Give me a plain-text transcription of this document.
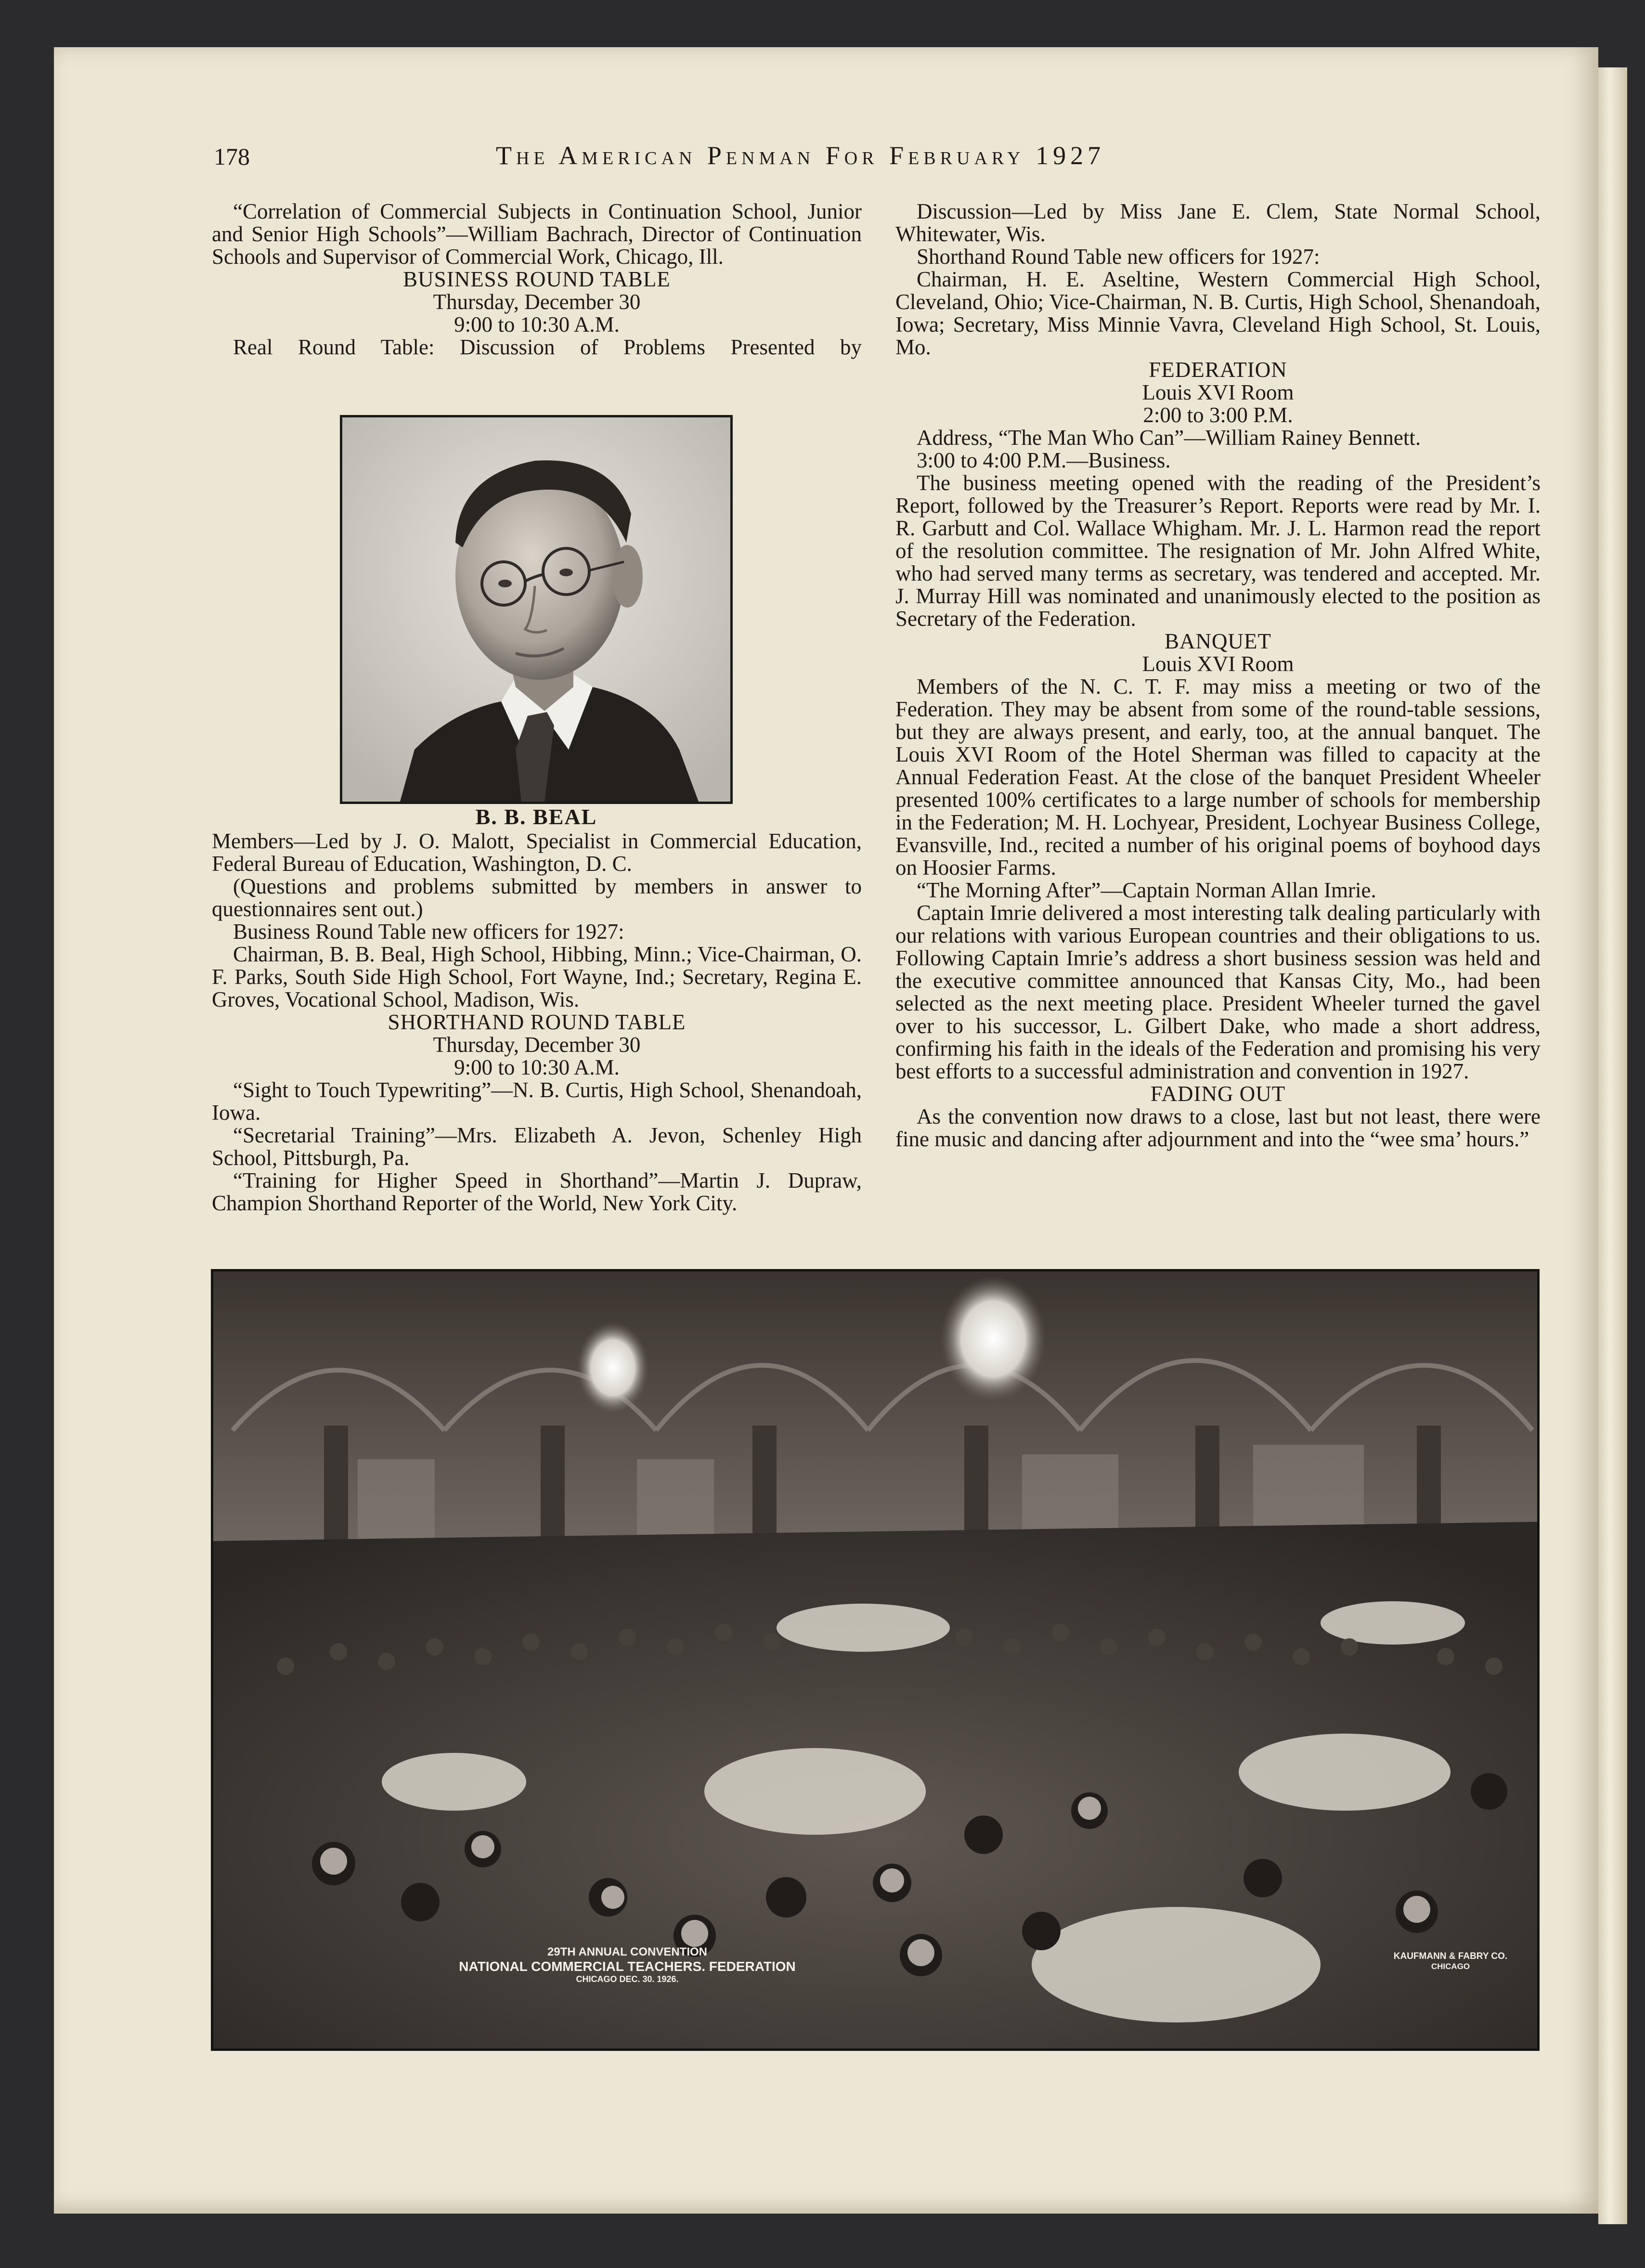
178	The American Penman For February 1927

“Correlation of Commercial Subjects in Continuation School, Junior and Senior High Schools”—William Bachrach, Director of Continuation Schools and Supervisor of Commercial Work, Chicago, Ill.

BUSINESS ROUND TABLE

Thursday, December 30

9:00 to 10:30 A.M.

Real Round Table: Discussion of Problems Presented by

B. B. BEAL

Members—Led by J. O. Malott, Specialist in Commercial Education, Federal Bureau of Education, Washington, D. C.

(Questions and problems submitted by members in answer to questionnaires sent out.)

Business Round Table new officers for 1927:

Chairman, B. B. Beal, High School, Hibbing, Minn.; Vice-Chairman, O. F. Parks, South Side High School, Fort Wayne, Ind.; Secretary, Regina E. Groves, Vocational School, Madison, Wis.

SHORTHAND ROUND TABLE

Thursday, December 30

9:00 to 10:30 A.M.

“Sight to Touch Typewriting”—N. B. Curtis, High School, Shenandoah, Iowa.

“Secretarial Training”—Mrs. Elizabeth A. Jevon, Schenley High School, Pittsburgh, Pa.

“Training for Higher Speed in Shorthand”—Martin J. Dupraw, Champion Shorthand Reporter of the World, New York City.

Discussion—Led by Miss Jane E. Clem, State Normal School, Whitewater, Wis.

Shorthand Round Table new officers for 1927:

Chairman, H. E. Aseltine, Western Commercial High School, Cleveland, Ohio; Vice-Chairman, N. B. Curtis, High School, Shenandoah, Iowa; Secretary, Miss Minnie Vavra, Cleveland High School, St. Louis, Mo.

FEDERATION

Louis XVI Room

2:00 to 3:00 P.M.

Address, “The Man Who Can”—William Rainey Bennett.

3:00 to 4:00 P.M.—Business.

The business meeting opened with the reading of the President’s Report, followed by the Treasurer’s Report. Reports were read by Mr. I. R. Garbutt and Col. Wallace Whigham. Mr. J. L. Harmon read the report of the resolution committee. The resignation of Mr. John Alfred White, who had served many terms as secretary, was tendered and accepted. Mr. J. Murray Hill was nominated and unanimously elected to the position as Secretary of the Federation.

BANQUET

Louis XVI Room

Members of the N. C. T. F. may miss a meeting or two of the Federation. They may be absent from some of the round-table sessions, but they are always present, and early, too, at the annual banquet. The Louis XVI Room of the Hotel Sherman was filled to capacity at the Annual Federation Feast. At the close of the banquet President Wheeler presented 100% certificates to a large number of schools for membership in the Federation; M. H. Lochyear, President, Lochyear Business College, Evansville, Ind., recited a number of his original poems of boyhood days on Hoosier Farms.

“The Morning After”—Captain Norman Allan Imrie.

Captain Imrie delivered a most interesting talk dealing particularly with our relations with various European countries and their obligations to us. Following Captain Imrie’s address a short business session was held and the executive committee announced that Kansas City, Mo., had been selected as the next meeting place. President Wheeler turned the gavel over to his successor, L. Gilbert Dake, who made a short address, confirming his faith in the ideals of the Federation and promising his very best efforts to a successful administration and convention in 1927.

FADING OUT

As the convention now draws to a close, last but not least, there were fine music and dancing after adjournment and into the “wee sma’ hours.”

29TH ANNUAL CONVENTION
NATIONAL COMMERCIAL TEACHERS. FEDERATION
CHICAGO DEC. 30. 1926.
KAUFMANN & FABRY CO.
CHICAGO
